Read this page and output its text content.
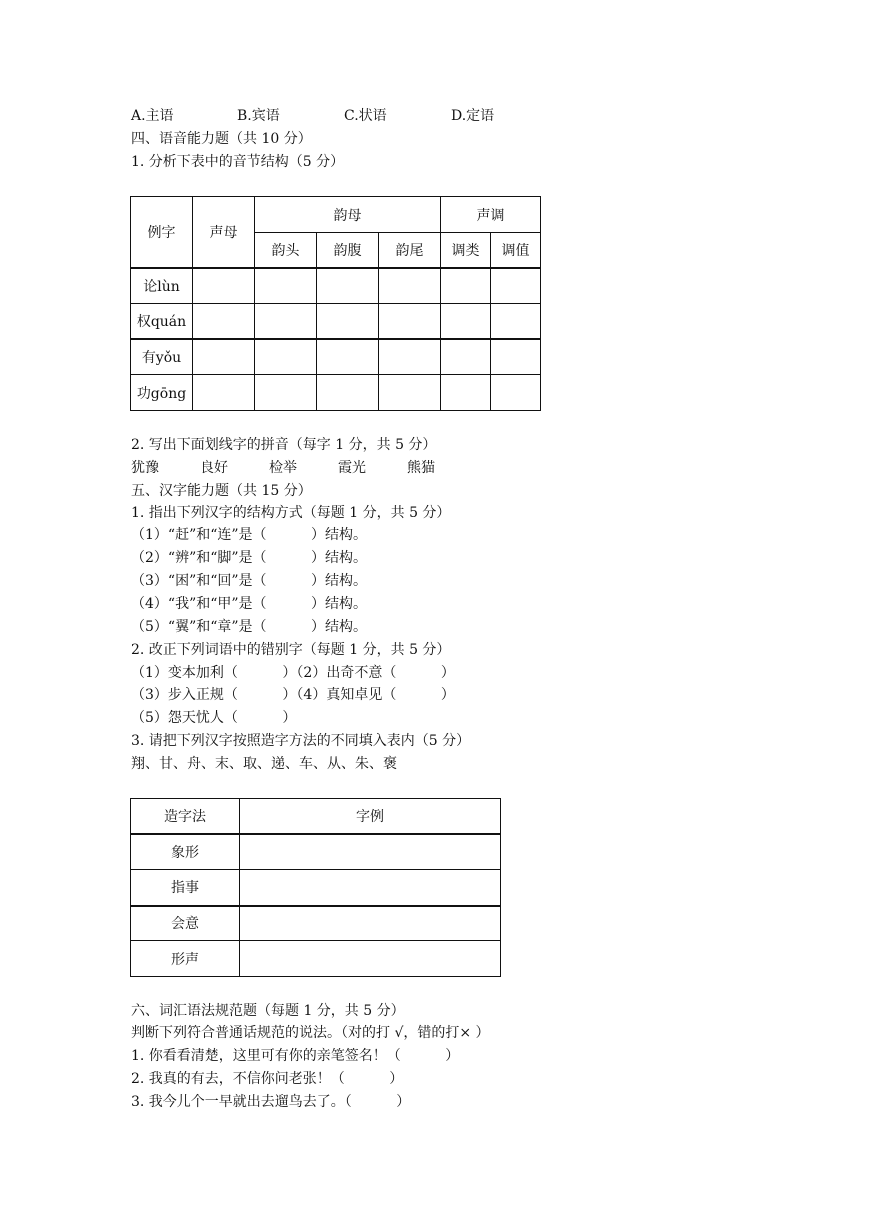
A.主语	B.宾语	C.状语	D.定语
四、语音能力题（共 10 分）
1. 分析下表中的音节结构（5 分）
例字	声母	韵母			声调	
		韵头	韵腹	韵尾	调类	调值
论lùn						
权quán						
有yǒu						
功gōng						
2. 写出下面划线字的拼音（每字 1 分，共 5 分）
犹豫	良好	检举	霞光	熊猫
五、汉字能力题（共 15 分）
1. 指出下列汉字的结构方式（每题 1 分，共 5 分）
（1）“赶”和“连”是（          ）结构。
（2）“辨”和“脚”是（          ）结构。
（3）“困”和“回”是（          ）结构。
（4）“我”和“甲”是（          ）结构。
（5）“翼”和“章”是（          ）结构。
2. 改正下列词语中的错别字（每题 1 分，共 5 分）
（1）变本加利（          ）（2）出奇不意（          ）
（3）步入正规（          ）（4）真知卓见（          ）
（5）怨天忧人（          ）
3. 请把下列汉字按照造字方法的不同填入表内（5 分）
翔、甘、舟、末、取、递、车、从、朱、褒
造字法	字例
象形	
指事	
会意	
形声	
六、词汇语法规范题（每题 1 分，共 5 分）
判断下列符合普通话规范的说法。（对的打 √，错的打× ）
1. 你看看清楚，这里可有你的亲笔签名！（          ）
2. 我真的有去，不信你问老张！（          ）
3. 我今儿个一早就出去遛鸟去了。（          ）
